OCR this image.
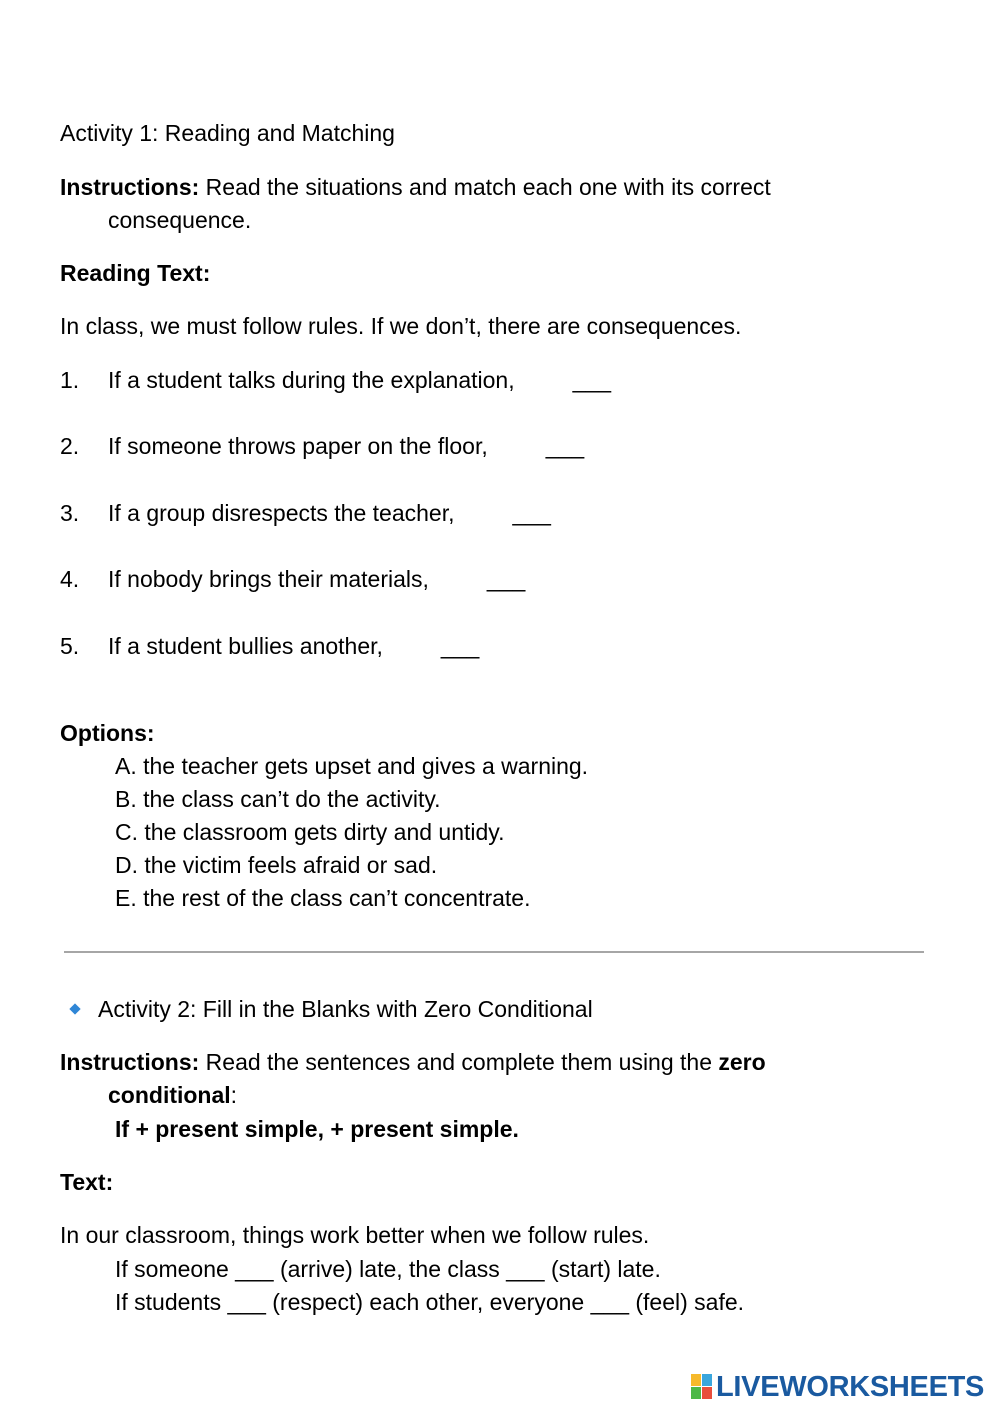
Activity 1: Reading and Matching
Instructions: Read the situations and match each one with its correct
consequence.
Reading Text:
In class, we must follow rules. If we don’t, there are consequences.
1. If a student talks during the explanation,	___
2. If someone throws paper on the floor,	___
3. If a group disrespects the teacher,	___
4. If nobody brings their materials,	___
5. If a student bullies another,	___
Options:
A. the teacher gets upset and gives a warning.
B. the class can’t do the activity.
C. the classroom gets dirty and untidy.
D. the victim feels afraid or sad.
E. the rest of the class can’t concentrate.
Activity 2: Fill in the Blanks with Zero Conditional
Instructions: Read the sentences and complete them using the zero
conditional:
If + present simple, + present simple.
Text:
In our classroom, things work better when we follow rules.
If someone ___ (arrive) late, the class ___ (start) late.
If students ___ (respect) each other, everyone ___ (feel) safe.
LIVEWORKSHEETS
